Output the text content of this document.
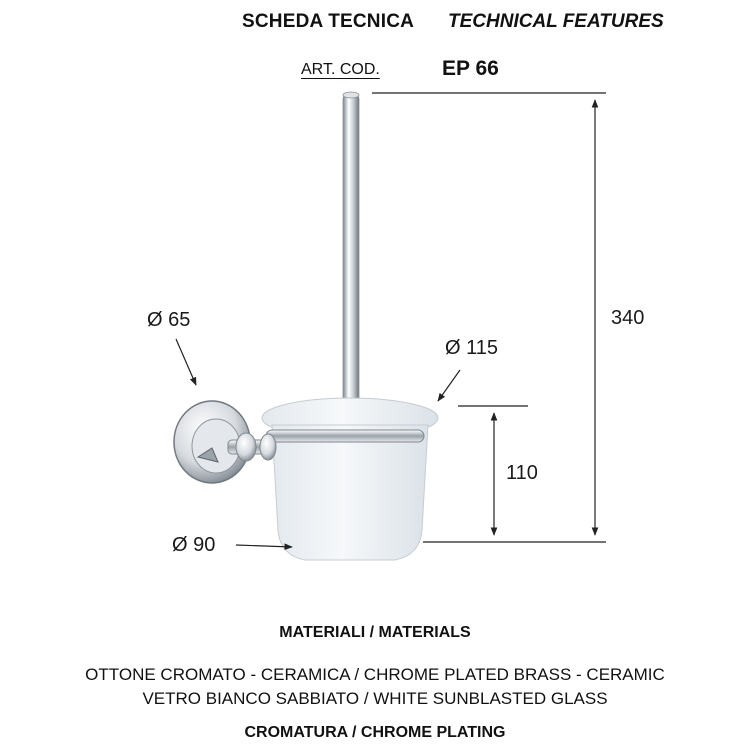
SCHEDA TECNICA TECHNICAL FEATURES
ART. COD.	EP 66
340
110
Ø 65
Ø 115
Ø 90
MATERIALI / MATERIALS
OTTONE CROMATO - CERAMICA / CHROME PLATED BRASS - CERAMIC
VETRO BIANCO SABBIATO / WHITE SUNBLASTED GLASS
CROMATURA / CHROME PLATING
